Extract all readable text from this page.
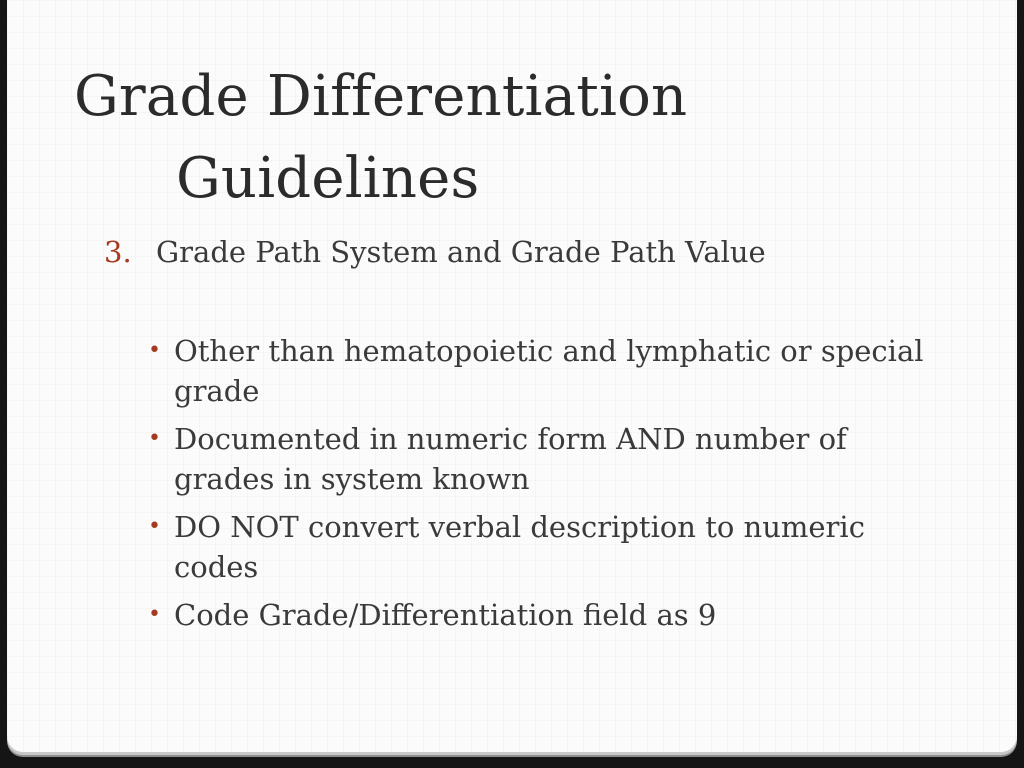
Grade Differentiation
Guidelines
3. Grade Path System and Grade Path Value
• Other than hematopoietic and lymphatic or special grade
• Documented in numeric form AND number of grades in system known
• DO NOT convert verbal description to numeric codes
• Code Grade/Differentiation field as 9
